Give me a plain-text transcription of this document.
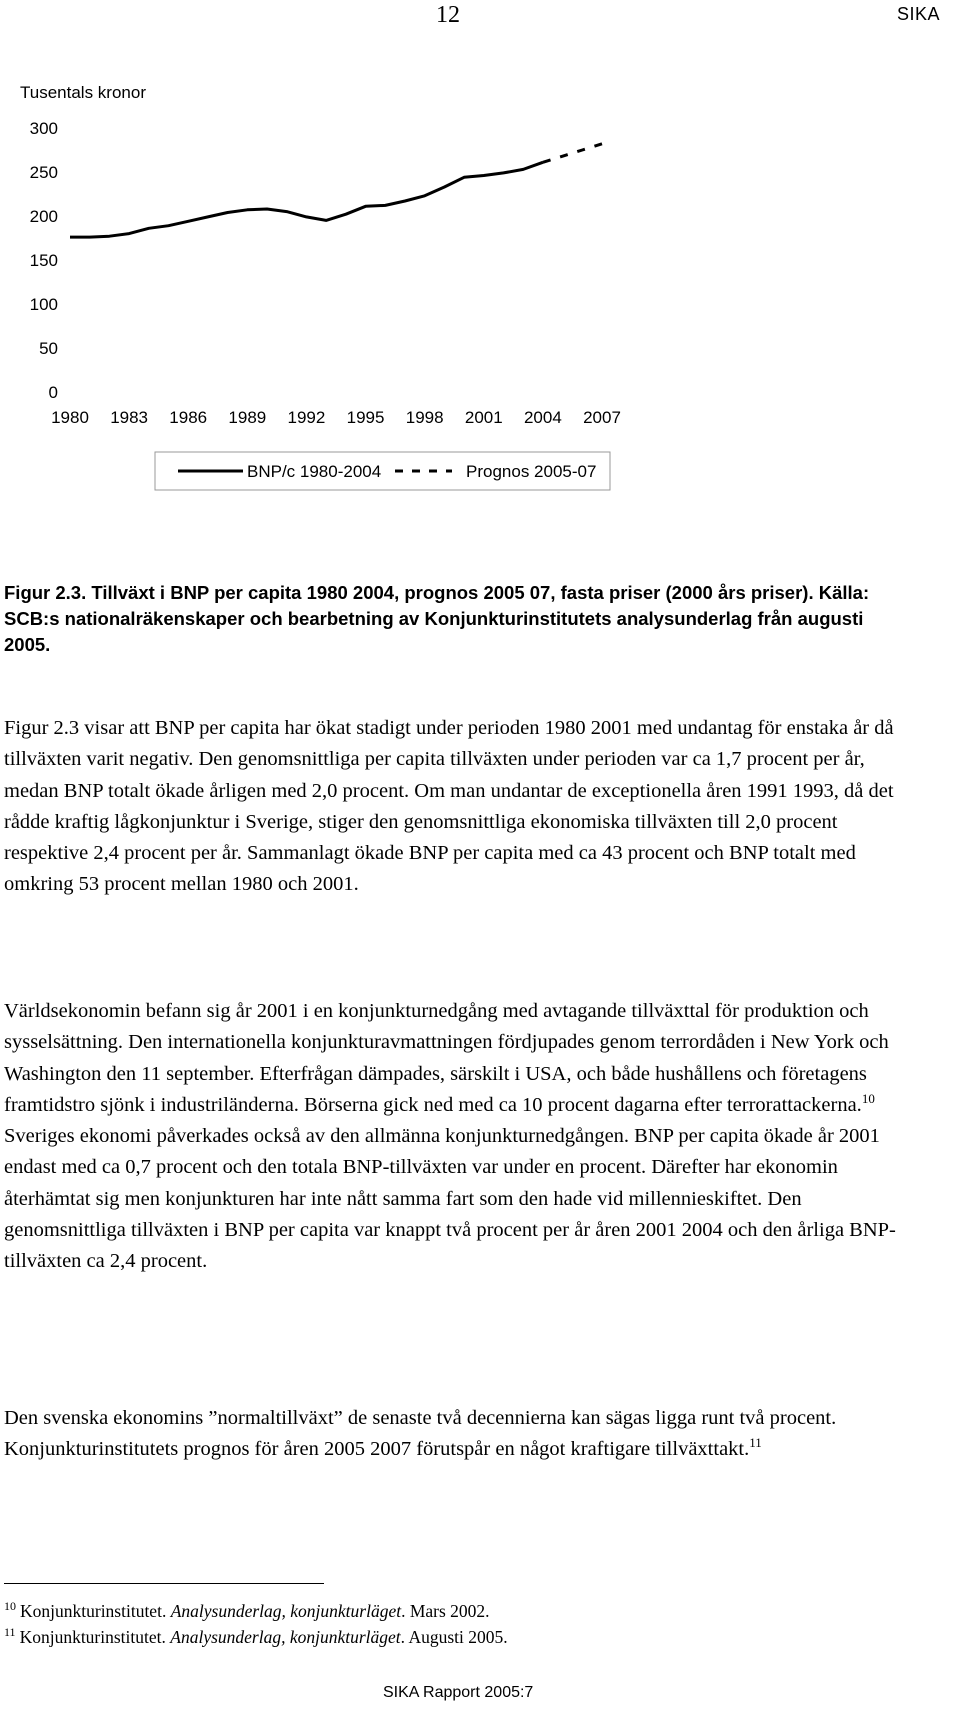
12	SIKA
Tusentals kronor
0
50
100
150
200
250
300
1980 1983 1986 1989 1992 1995 1998 2001 2004 2007
BNP/c 1980-2004	Prognos 2005-07
Figur 2.3. Tillväxt i BNP per capita 1980 2004, prognos 2005 07, fasta priser (2000 års priser). Källa: SCB:s nationalräkenskaper och bearbetning av Konjunkturinstitutets analysunderlag från augusti 2005.

Figur 2.3 visar att BNP per capita har ökat stadigt under perioden 1980 2001 med undantag för enstaka år då tillväxten varit negativ. Den genomsnittliga per capita tillväxten under perioden var ca 1,7 procent per år, medan BNP totalt ökade årligen med 2,0 procent. Om man undantar de exceptionella åren 1991 1993, då det rådde kraftig lågkonjunktur i Sverige, stiger den genomsnittliga ekonomiska tillväxten till 2,0 procent respektive 2,4 procent per år. Sammanlagt ökade BNP per capita med ca 43 procent och BNP totalt med omkring 53 procent mellan 1980 och 2001.

Världsekonomin befann sig år 2001 i en konjunkturnedgång med avtagande tillväxttal för produktion och sysselsättning. Den internationella konjunkturavmattningen fördjupades genom terrordåden i New York och Washington den 11 september. Efterfrågan dämpades, särskilt i USA, och både hushållens och företagens framtidstro sjönk i industriländerna. Börserna gick ned med ca 10 procent dagarna efter terrorattackerna.$^{10}$ Sveriges ekonomi påverkades också av den allmänna konjunkturnedgången. BNP per capita ökade år 2001 endast med ca 0,7 procent och den totala BNP-tillväxten var under en procent. Därefter har ekonomin återhämtat sig men konjunkturen har inte nått samma fart som den hade vid millennieskiftet. Den genomsnittliga tillväxten i BNP per capita var knappt två procent per år åren 2001 2004 och den årliga BNP-tillväxten ca 2,4 procent.

Den svenska ekonomins ”normaltillväxt” de senaste två decennierna kan sägas ligga runt två procent. Konjunkturinstitutets prognos för åren 2005 2007 förutspår en något kraftigare tillväxttakt.$^{11}$

$^{10}$ Konjunkturinstitutet. Analysunderlag, konjunkturläget. Mars 2002.
$^{11}$ Konjunkturinstitutet. Analysunderlag, konjunkturläget. Augusti 2005.
SIKA Rapport 2005:7
